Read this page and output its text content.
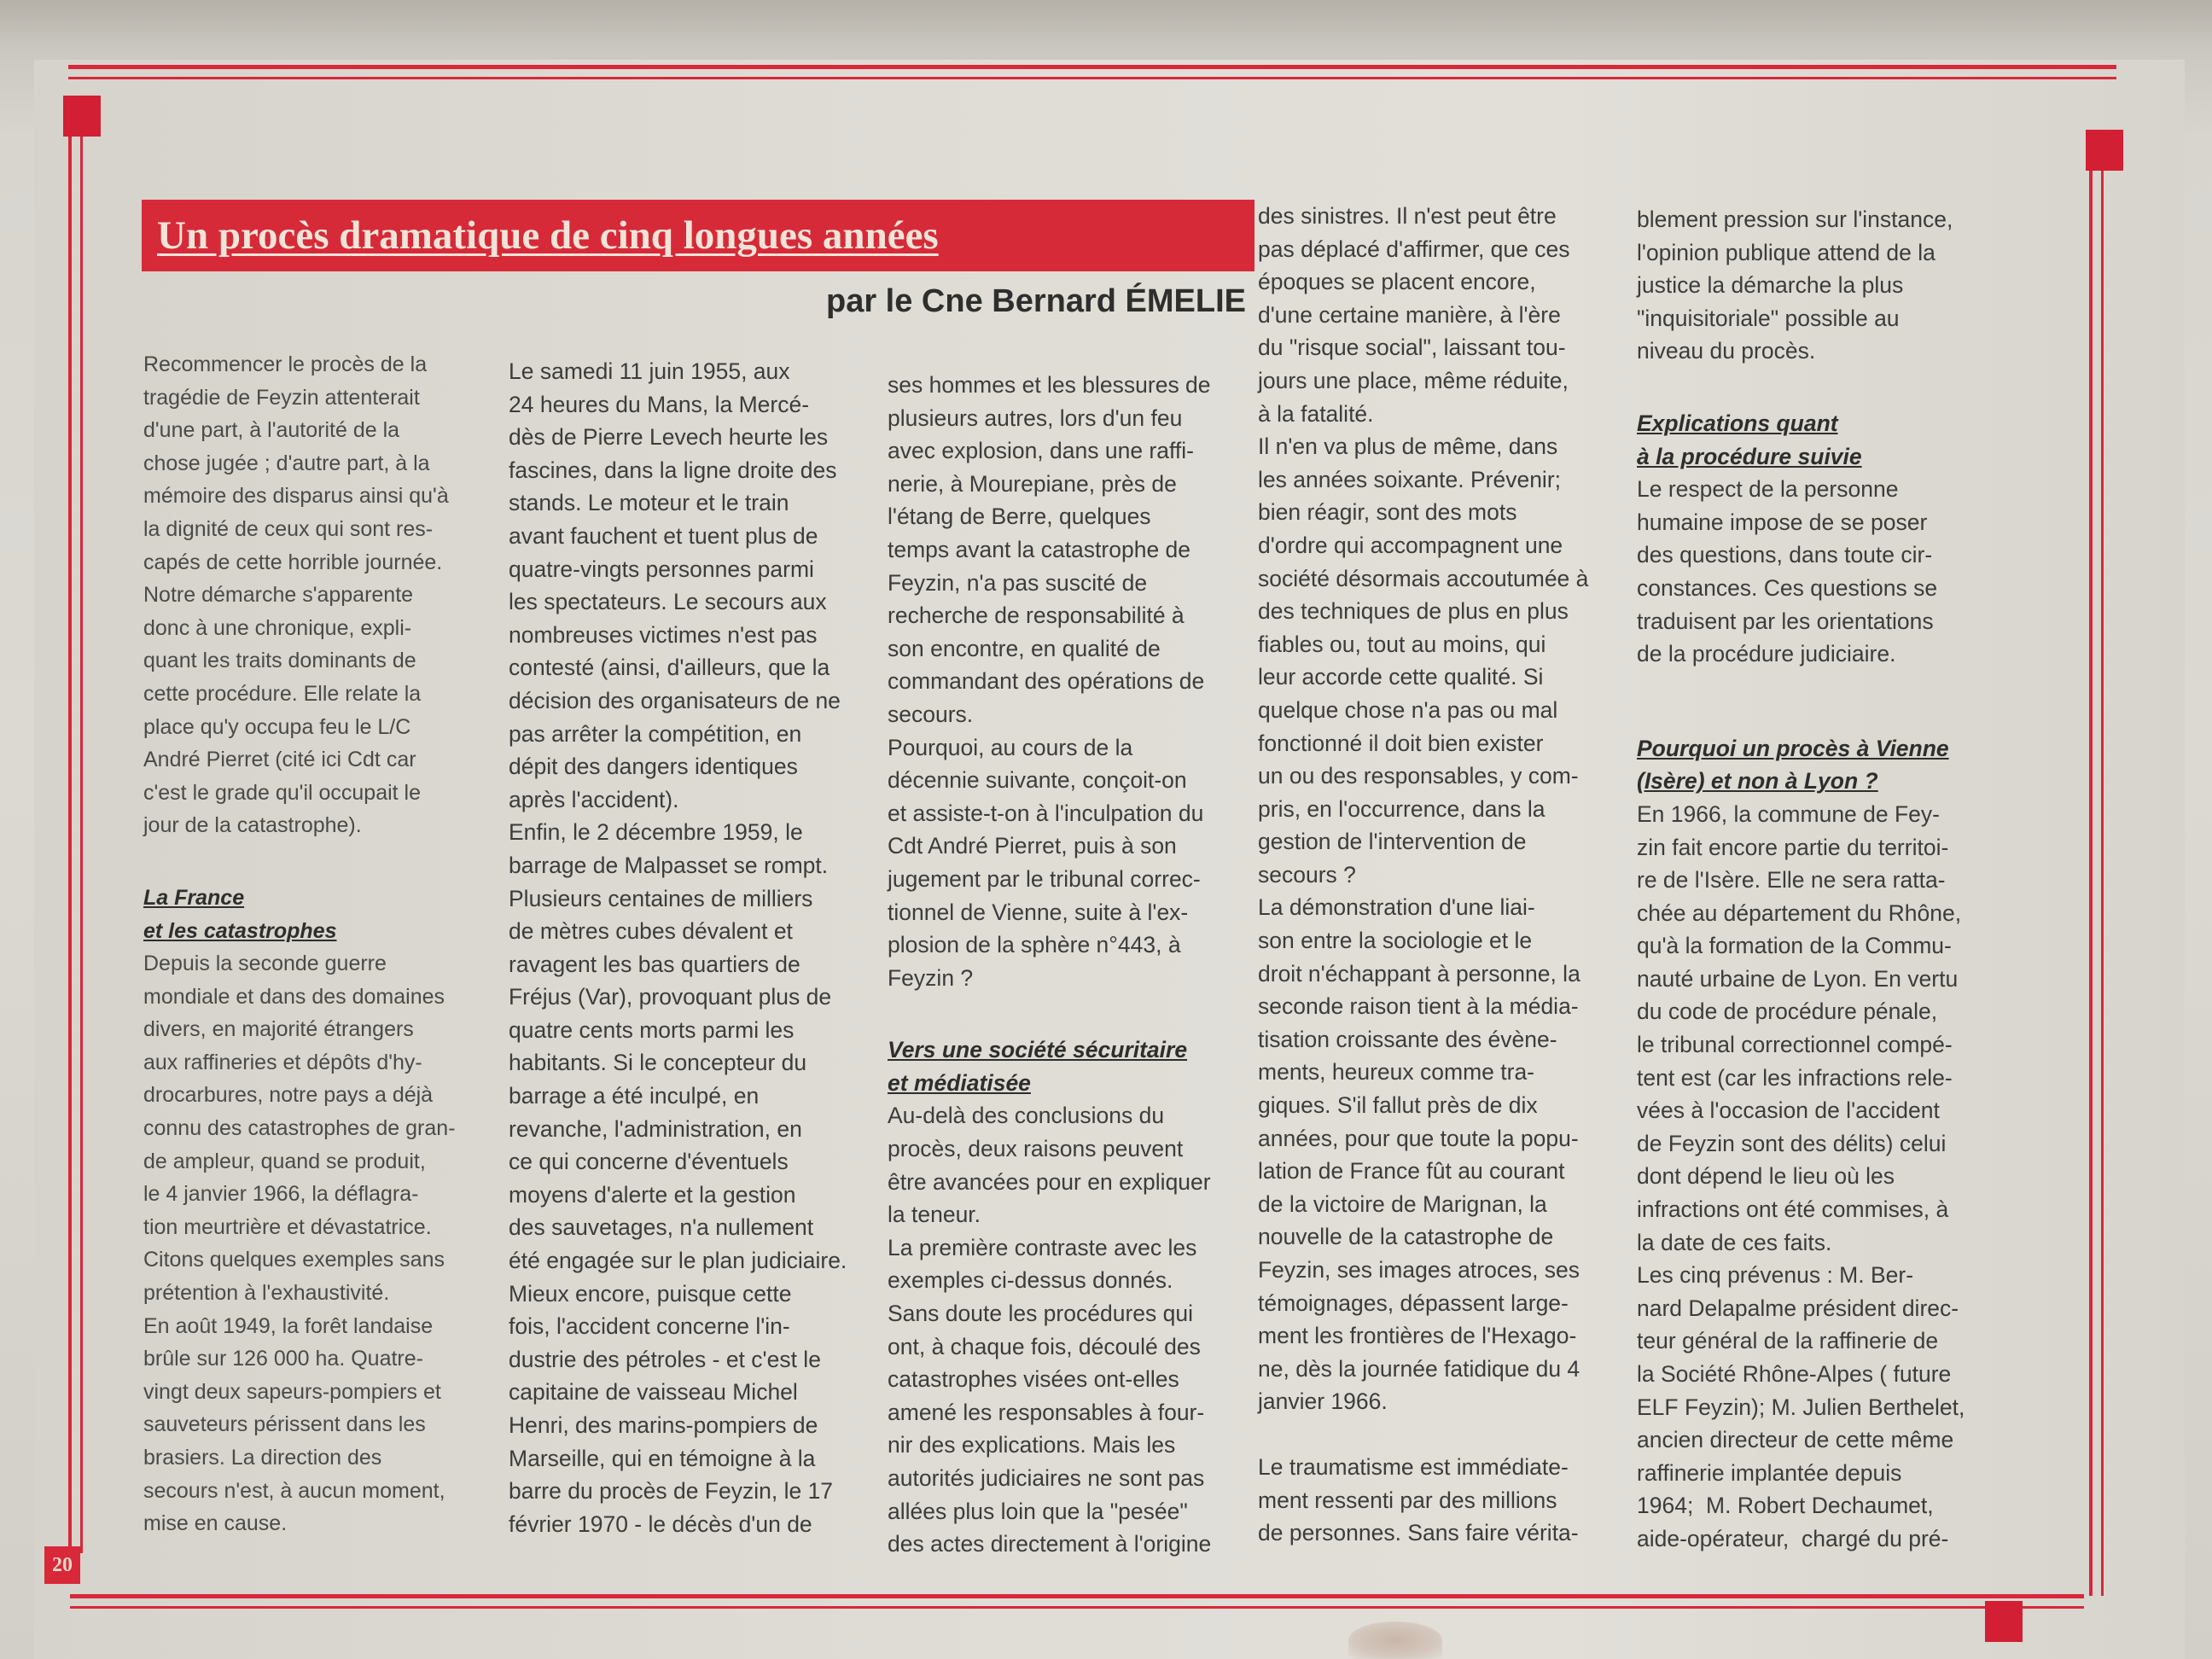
20
Un procès dramatique de cinq longues années
par le Cne Bernard ÉMELIE

Recommencer le procès de la

tragédie de Feyzin attenterait

d'une part, à l'autorité de la

chose jugée ; d'autre part, à la

mémoire des disparus ainsi qu'à

la dignité de ceux qui sont res-

capés de cette horrible journée.

Notre démarche s'apparente

donc à une chronique, expli-

quant les traits dominants de

cette procédure. Elle relate la

place qu'y occupa feu le L/C

André Pierret (cité ici Cdt car

c'est le grade qu'il occupait le

jour de la catastrophe).

La France
et les catastrophes

Depuis la seconde guerre

mondiale et dans des domaines

divers, en majorité étrangers

aux raffineries et dépôts d'hy-

drocarbures, notre pays a déjà

connu des catastrophes de gran-

de ampleur, quand se produit,

le 4 janvier 1966, la déflagra-

tion meurtrière et dévastatrice.

Citons quelques exemples sans

prétention à l'exhaustivité.

En août 1949, la forêt landaise

brûle sur 126 000 ha. Quatre-

vingt deux sapeurs-pompiers et

sauveteurs périssent dans les

brasiers. La direction des

secours n'est, à aucun moment,

mise en cause.

Le samedi 11 juin 1955, aux

24 heures du Mans, la Mercé-

dès de Pierre Levech heurte les

fascines, dans la ligne droite des

stands. Le moteur et le train

avant fauchent et tuent plus de

quatre-vingts personnes parmi

les spectateurs. Le secours aux

nombreuses victimes n'est pas

contesté (ainsi, d'ailleurs, que la

décision des organisateurs de ne

pas arrêter la compétition, en

dépit des dangers identiques

après l'accident).

Enfin, le 2 décembre 1959, le

barrage de Malpasset se rompt.

Plusieurs centaines de milliers

de mètres cubes dévalent et

ravagent les bas quartiers de

Fréjus (Var), provoquant plus de

quatre cents morts parmi les

habitants. Si le concepteur du

barrage a été inculpé, en

revanche, l'administration, en

ce qui concerne d'éventuels

moyens d'alerte et la gestion

des sauvetages, n'a nullement

été engagée sur le plan judiciaire.

Mieux encore, puisque cette

fois, l'accident concerne l'in-

dustrie des pétroles - et c'est le

capitaine de vaisseau Michel

Henri, des marins-pompiers de

Marseille, qui en témoigne à la

barre du procès de Feyzin, le 17

février 1970 - le décès d'un de

ses hommes et les blessures de

plusieurs autres, lors d'un feu

avec explosion, dans une raffi-

nerie, à Mourepiane, près de

l'étang de Berre, quelques

temps avant la catastrophe de

Feyzin, n'a pas suscité de

recherche de responsabilité à

son encontre, en qualité de

commandant des opérations de

secours.

Pourquoi, au cours de la

décennie suivante, conçoit-on

et assiste-t-on à l'inculpation du

Cdt André Pierret, puis à son

jugement par le tribunal correc-

tionnel de Vienne, suite à l'ex-

plosion de la sphère n°443, à

Feyzin ?

Vers une société sécuritaire
et médiatisée

Au-delà des conclusions du

procès, deux raisons peuvent

être avancées pour en expliquer

la teneur.

La première contraste avec les

exemples ci-dessus donnés.

Sans doute les procédures qui

ont, à chaque fois, découlé des

catastrophes visées ont-elles

amené les responsables à four-

nir des explications. Mais les

autorités judiciaires ne sont pas

allées plus loin que la "pesée"

des actes directement à l'origine

des sinistres. Il n'est peut être

pas déplacé d'affirmer, que ces

époques se placent encore,

d'une certaine manière, à l'ère

du "risque social", laissant tou-

jours une place, même réduite,

à la fatalité.

Il n'en va plus de même, dans

les années soixante. Prévenir;

bien réagir, sont des mots

d'ordre qui accompagnent une

société désormais accoutumée à

des techniques de plus en plus

fiables ou, tout au moins, qui

leur accorde cette qualité. Si

quelque chose n'a pas ou mal

fonctionné il doit bien exister

un ou des responsables, y com-

pris, en l'occurrence, dans la

gestion de l'intervention de

secours ?

La démonstration d'une liai-

son entre la sociologie et le

droit n'échappant à personne, la

seconde raison tient à la média-

tisation croissante des évène-

ments, heureux comme tra-

giques. S'il fallut près de dix

années, pour que toute la popu-

lation de France fût au courant

de la victoire de Marignan, la

nouvelle de la catastrophe de

Feyzin, ses images atroces, ses

témoignages, dépassent large-

ment les frontières de l'Hexago-

ne, dès la journée fatidique du 4

janvier 1966.

Le traumatisme est immédiate-

ment ressenti par des millions

de personnes. Sans faire vérita-

blement pression sur l'instance,

l'opinion publique attend de la

justice la démarche la plus

"inquisitoriale" possible au

niveau du procès.

Explications quant
à la procédure suivie

Le respect de la personne

humaine impose de se poser

des questions, dans toute cir-

constances. Ces questions se

traduisent par les orientations

de la procédure judiciaire.

Pourquoi un procès à Vienne
(Isère) et non à Lyon ?

En 1966, la commune de Fey-

zin fait encore partie du territoi-

re de l'Isère. Elle ne sera ratta-

chée au département du Rhône,

qu'à la formation de la Commu-

nauté urbaine de Lyon. En vertu

du code de procédure pénale,

le tribunal correctionnel compé-

tent est (car les infractions rele-

vées à l'occasion de l'accident

de Feyzin sont des délits) celui

dont dépend le lieu où les

infractions ont été commises, à

la date de ces faits.

Les cinq prévenus : M. Ber-

nard Delapalme président direc-

teur général de la raffinerie de

la Société Rhône-Alpes ( future

ELF Feyzin); M. Julien Berthelet,

ancien directeur de cette même

raffinerie implantée depuis

1964;  M. Robert Dechaumet,

aide-opérateur,  chargé du pré-
